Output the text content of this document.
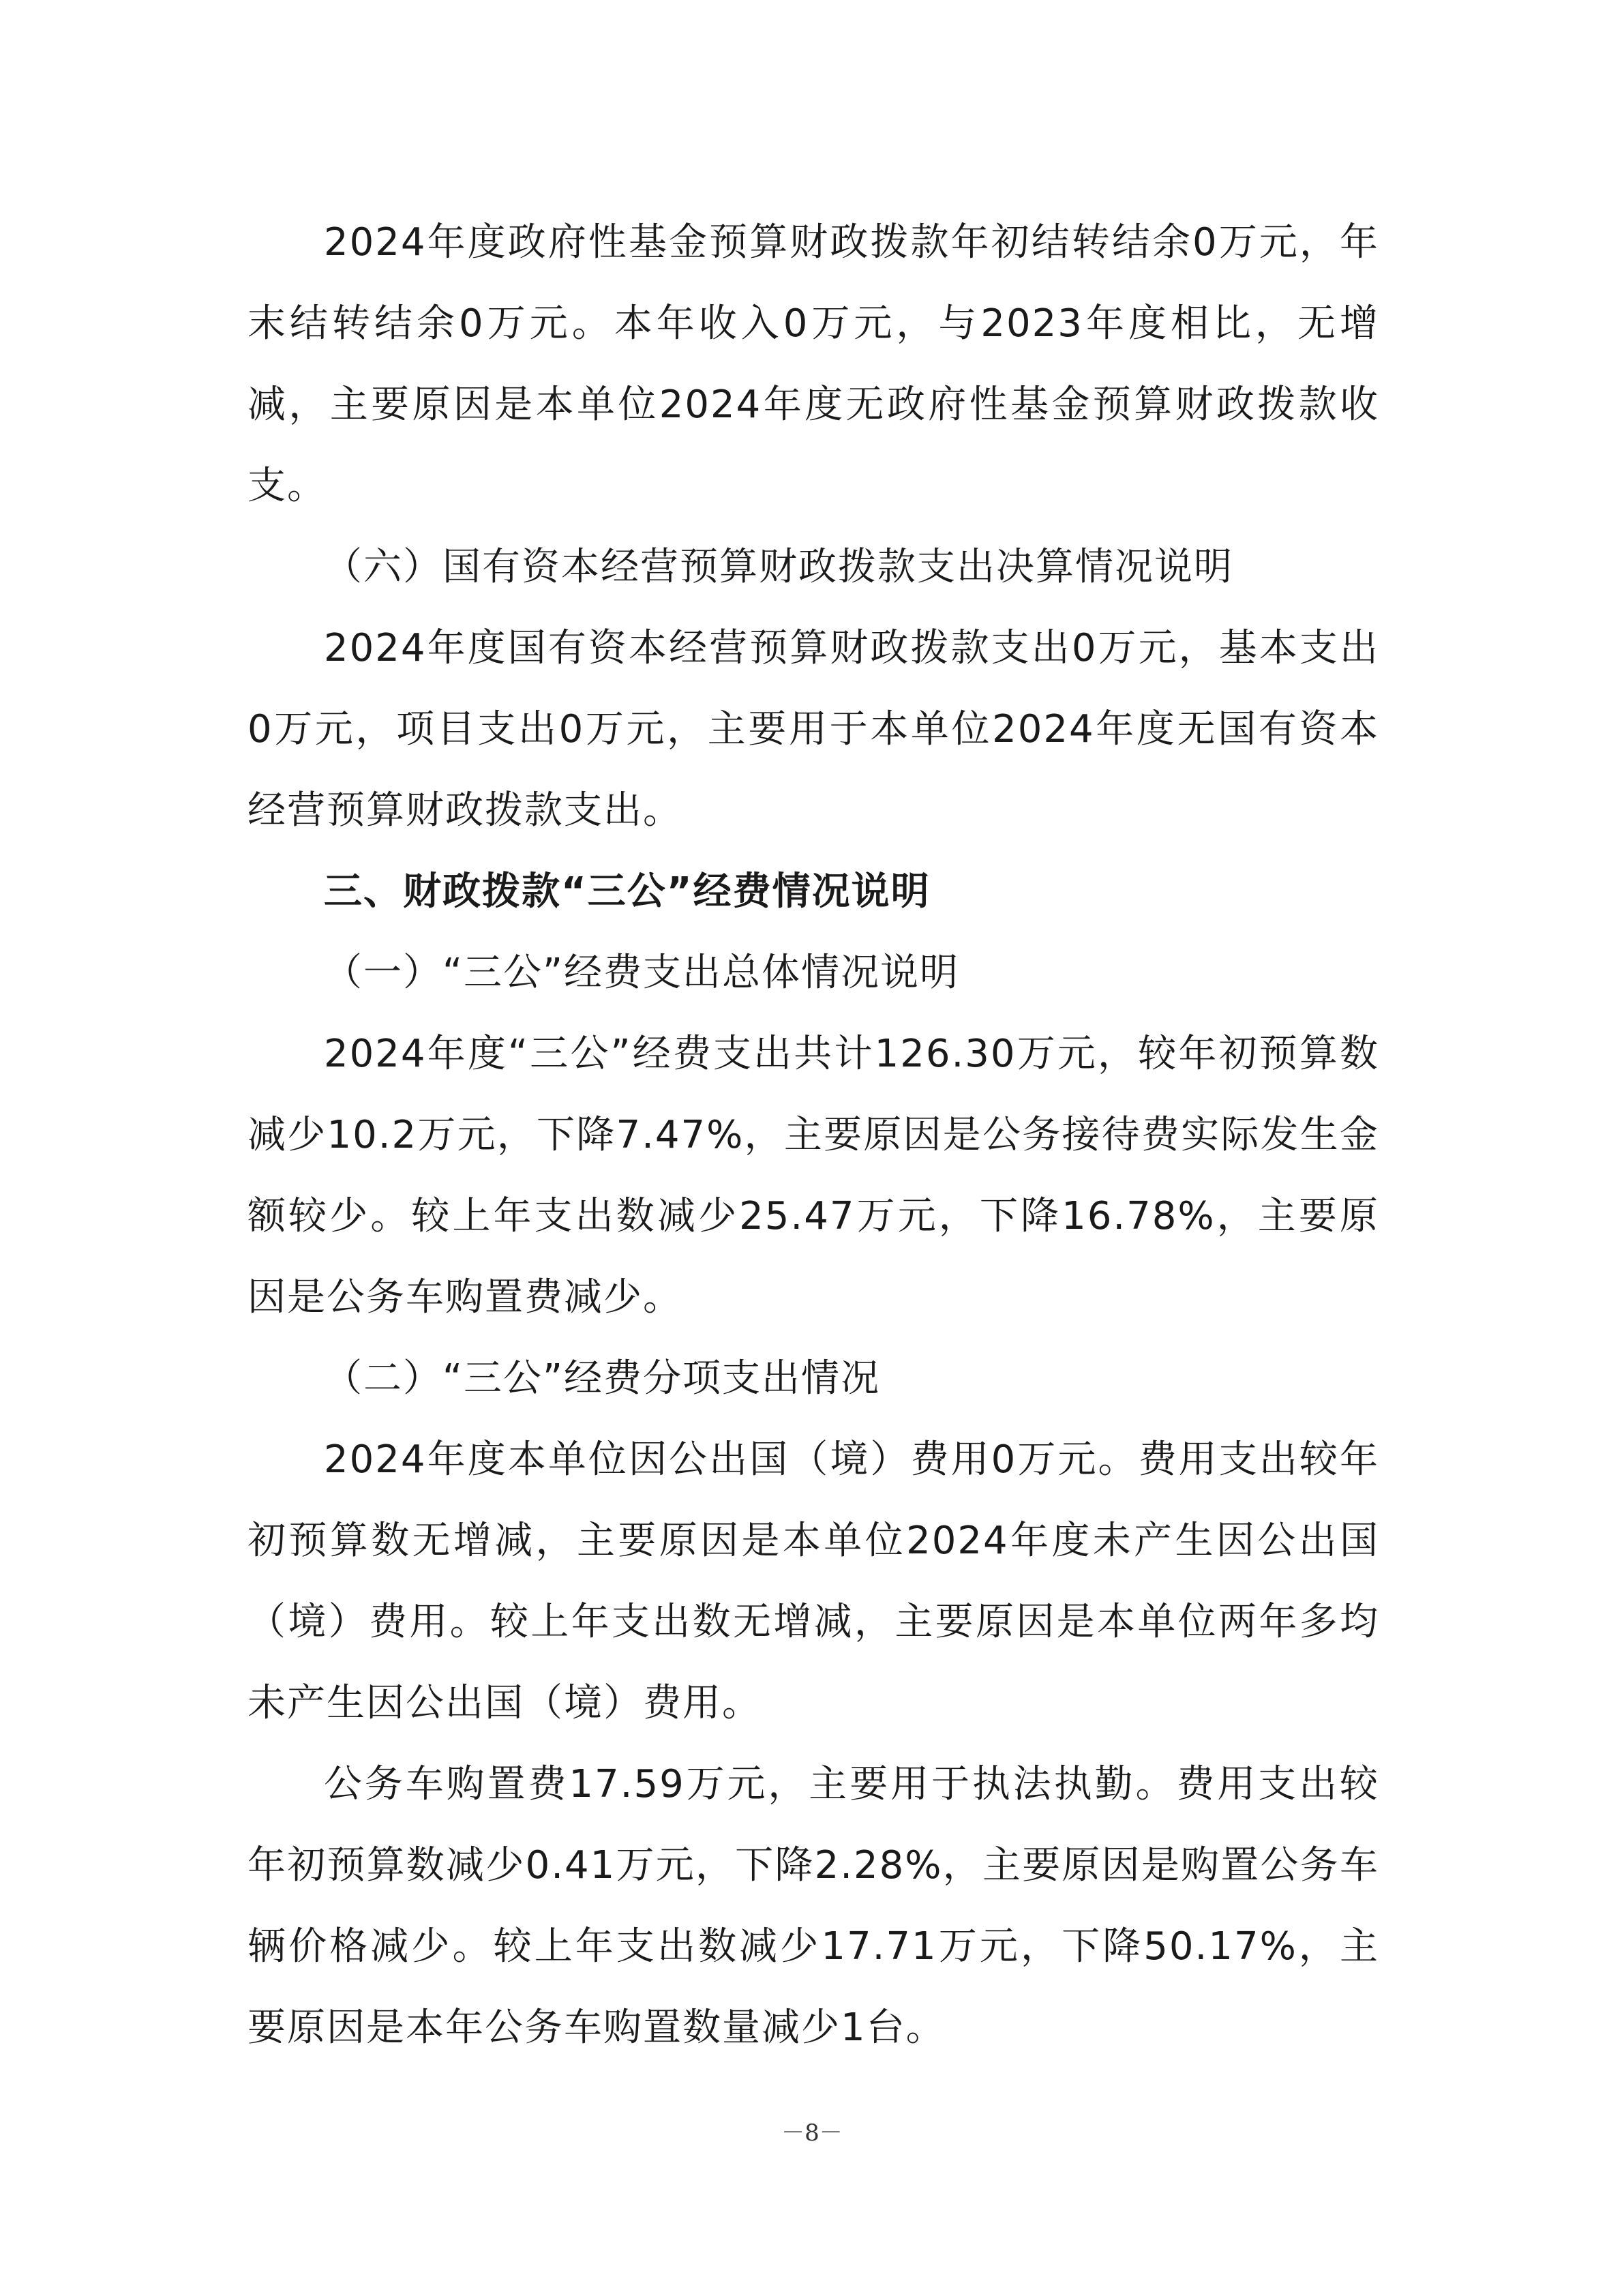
2024年度政府性基金预算财政拨款年初结转结余0万元，年末结转结余0万元。本年收入0万元，与2023年度相比，无增减，主要原因是本单位2024年度无政府性基金预算财政拨款收支。

（六）国有资本经营预算财政拨款支出决算情况说明

2024年度国有资本经营预算财政拨款支出0万元，基本支出0万元，项目支出0万元，主要用于本单位2024年度无国有资本经营预算财政拨款支出。

三、财政拨款“三公”经费情况说明

（一）“三公”经费支出总体情况说明

2024年度“三公”经费支出共计126.30万元，较年初预算数减少10.2万元，下降7.47%，主要原因是公务接待费实际发生金额较少。较上年支出数减少25.47万元，下降16.78%，主要原因是公务车购置费减少。

（二）“三公”经费分项支出情况

2024年度本单位因公出国（境）费用0万元。费用支出较年初预算数无增减，主要原因是本单位2024年度未产生因公出国（境）费用。较上年支出数无增减，主要原因是本单位两年多均未产生因公出国（境）费用。

公务车购置费17.59万元，主要用于执法执勤。费用支出较年初预算数减少0.41万元，下降2.28%，主要原因是购置公务车辆价格减少。较上年支出数减少17.71万元，下降50.17%，主要原因是本年公务车购置数量减少1台。

－8－
